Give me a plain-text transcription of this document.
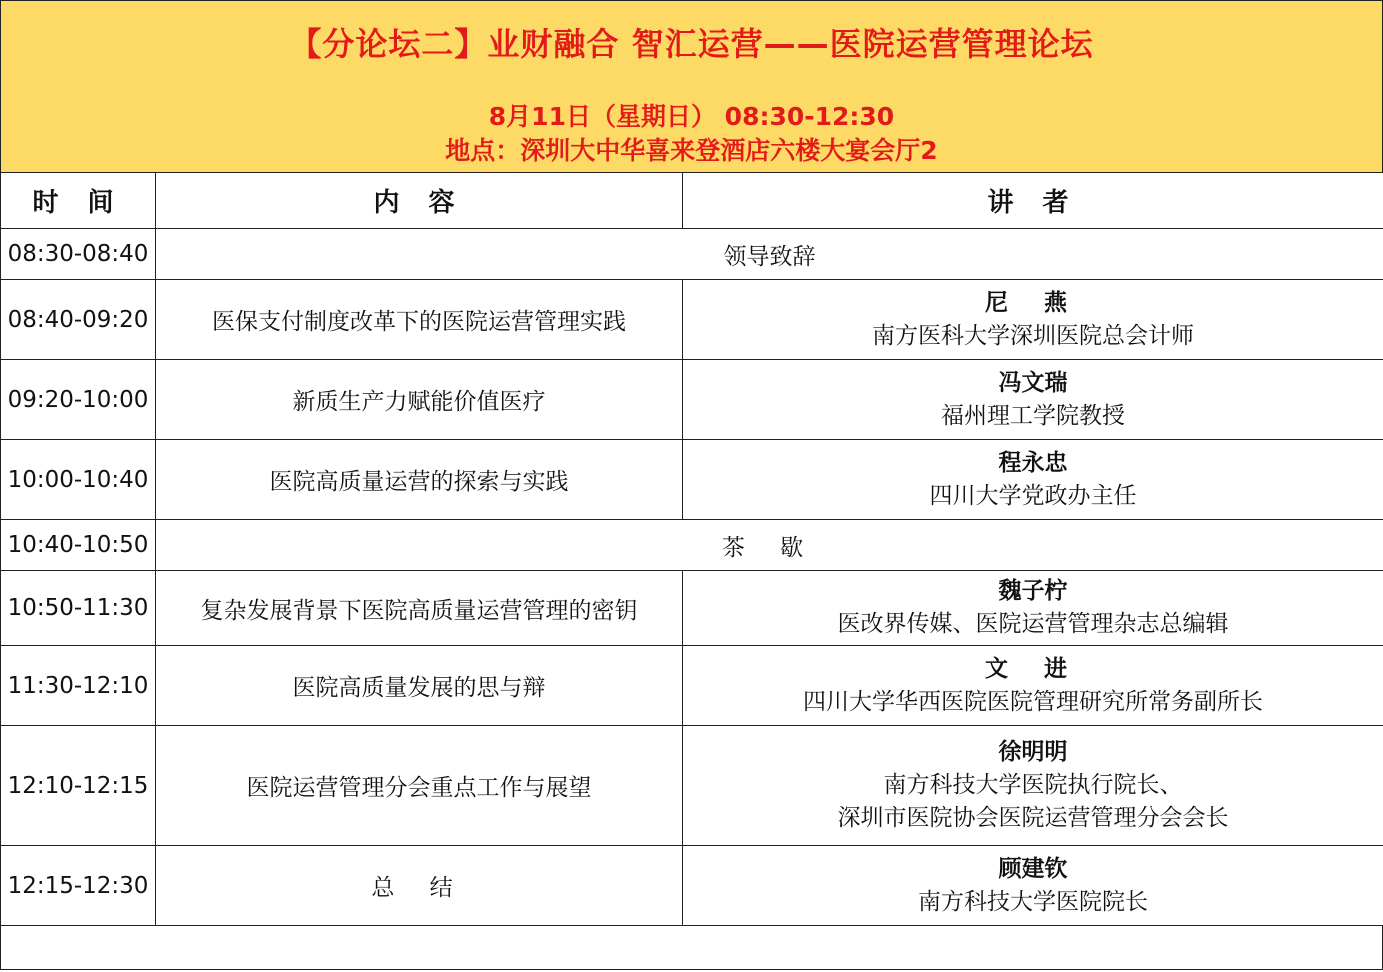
【分论坛二】业财融合 智汇运营——医院运营管理论坛
8月11日（星期日） 08:30-12:30
地点：深圳大中华喜来登酒店六楼大宴会厅2
时 间	内 容	讲 者
08:30-08:40	领导致辞	
08:40-09:20	医保支付制度改革下的医院运营管理实践	尼 燕
南方医科大学深圳医院总会计师

09:20-10:00	新质生产力赋能价值医疗	冯文瑞
福州理工学院教授

10:00-10:40	医院高质量运营的探索与实践	程永忠
四川大学党政办主任

10:40-10:50	茶 歇	
10:50-11:30	复杂发展背景下医院高质量运营管理的密钥	魏子柠
医改界传媒、医院运营管理杂志总编辑

11:30-12:10	医院高质量发展的思与辩	文 进
四川大学华西医院医院管理研究所常务副所长

12:10-12:15	医院运营管理分会重点工作与展望	徐明明
南方科技大学医院执行院长、
深圳市医院协会医院运营管理分会会长

12:15-12:30	总 结	顾建钦
南方科技大学医院院长
